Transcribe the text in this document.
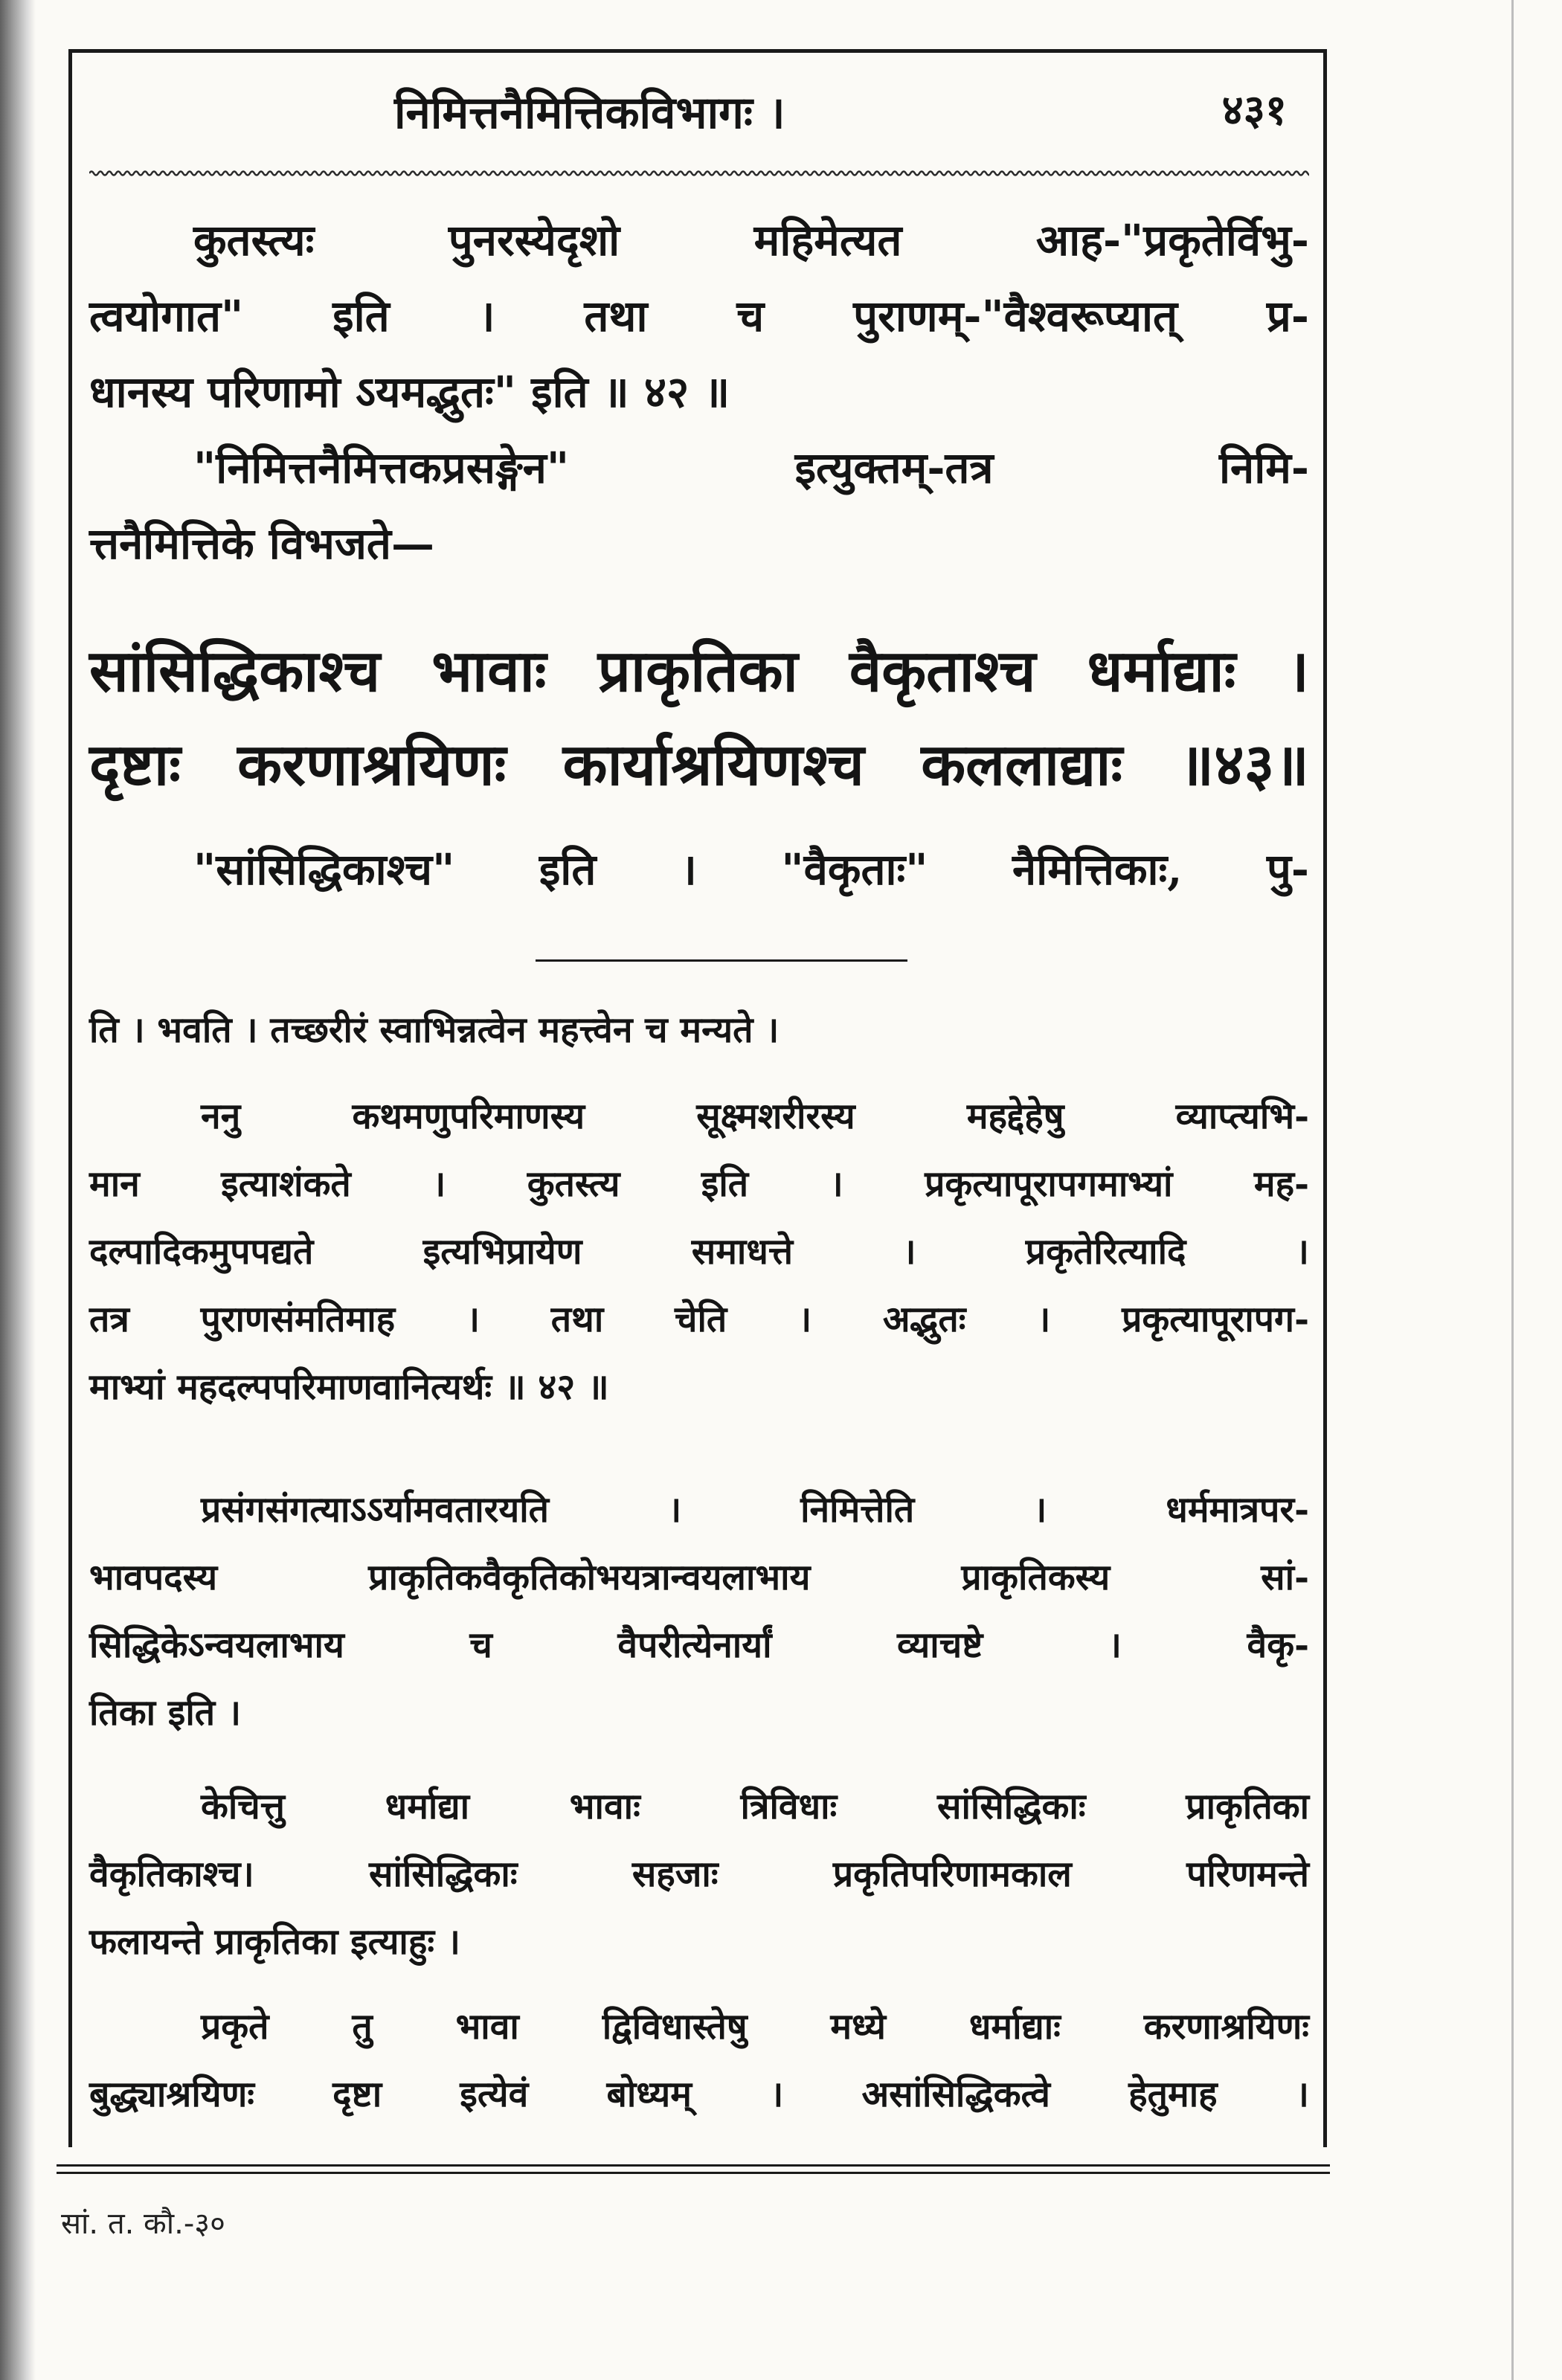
निमित्तनैमित्तिकविभागः ।	४३१
कुतस्त्यः पुनरस्येदृशो महिमेत्यत आह-"प्रकृतेर्विभु-
त्वयोगात" इति । तथा च पुराणम्-"वैश्वरूप्यात् प्र-
धानस्य परिणामो ऽयमद्भुतः" इति ॥ ४२ ॥
"निमित्तनैमित्तकप्रसङ्गेन" इत्युक्तम्-तत्र निमि-
त्तनैमित्तिके विभजते—
सांसिद्धिकाश्च भावाः प्राकृतिका वैकृताश्च धर्माद्याः ।
दृष्टाः करणाश्रयिणः कार्याश्रयिणश्च कललाद्याः ॥४३॥
"सांसिद्धिकाश्च" इति । "वैकृताः" नैमित्तिकाः, पु-
ति । भवति । तच्छरीरं स्वाभिन्नत्वेन महत्त्वेन च मन्यते ।
ननु कथमणुपरिमाणस्य सूक्ष्मशरीरस्य महद्देहेषु व्याप्त्यभि-
मान इत्याशंकते । कुतस्त्य इति । प्रकृत्यापूरापगमाभ्यां मह-
दल्पादिकमुपपद्यते इत्यभिप्रायेण समाधत्ते । प्रकृतेरित्यादि ।
तत्र पुराणसंमतिमाह । तथा चेति । अद्भुतः । प्रकृत्यापूरापग-
माभ्यां महदल्पपरिमाणवानित्यर्थः ॥ ४२ ॥
प्रसंगसंगत्याऽऽर्यामवतारयति । निमित्तेति । धर्ममात्रपर-
भावपदस्य प्राकृतिकवैकृतिकोभयत्रान्वयलाभाय प्राकृतिकस्य सां-
सिद्धिकेऽन्वयलाभाय च वैपरीत्येनार्यां व्याचष्टे । वैकृ-
तिका इति ।
केचित्तु धर्माद्या भावाः त्रिविधाः सांसिद्धिकाः प्राकृतिका
वैकृतिकाश्च। सांसिद्धिकाः सहजाः प्रकृतिपरिणामकाल परिणमन्ते
फलायन्ते प्राकृतिका इत्याहुः ।
प्रकृते तु भावा द्विविधास्तेषु मध्ये धर्माद्याः करणाश्रयिणः
बुद्ध्याश्रयिणः दृष्टा इत्येवं बोध्यम् । असांसिद्धिकत्वे हेतुमाह ।
सां. त. कौ.-३०
